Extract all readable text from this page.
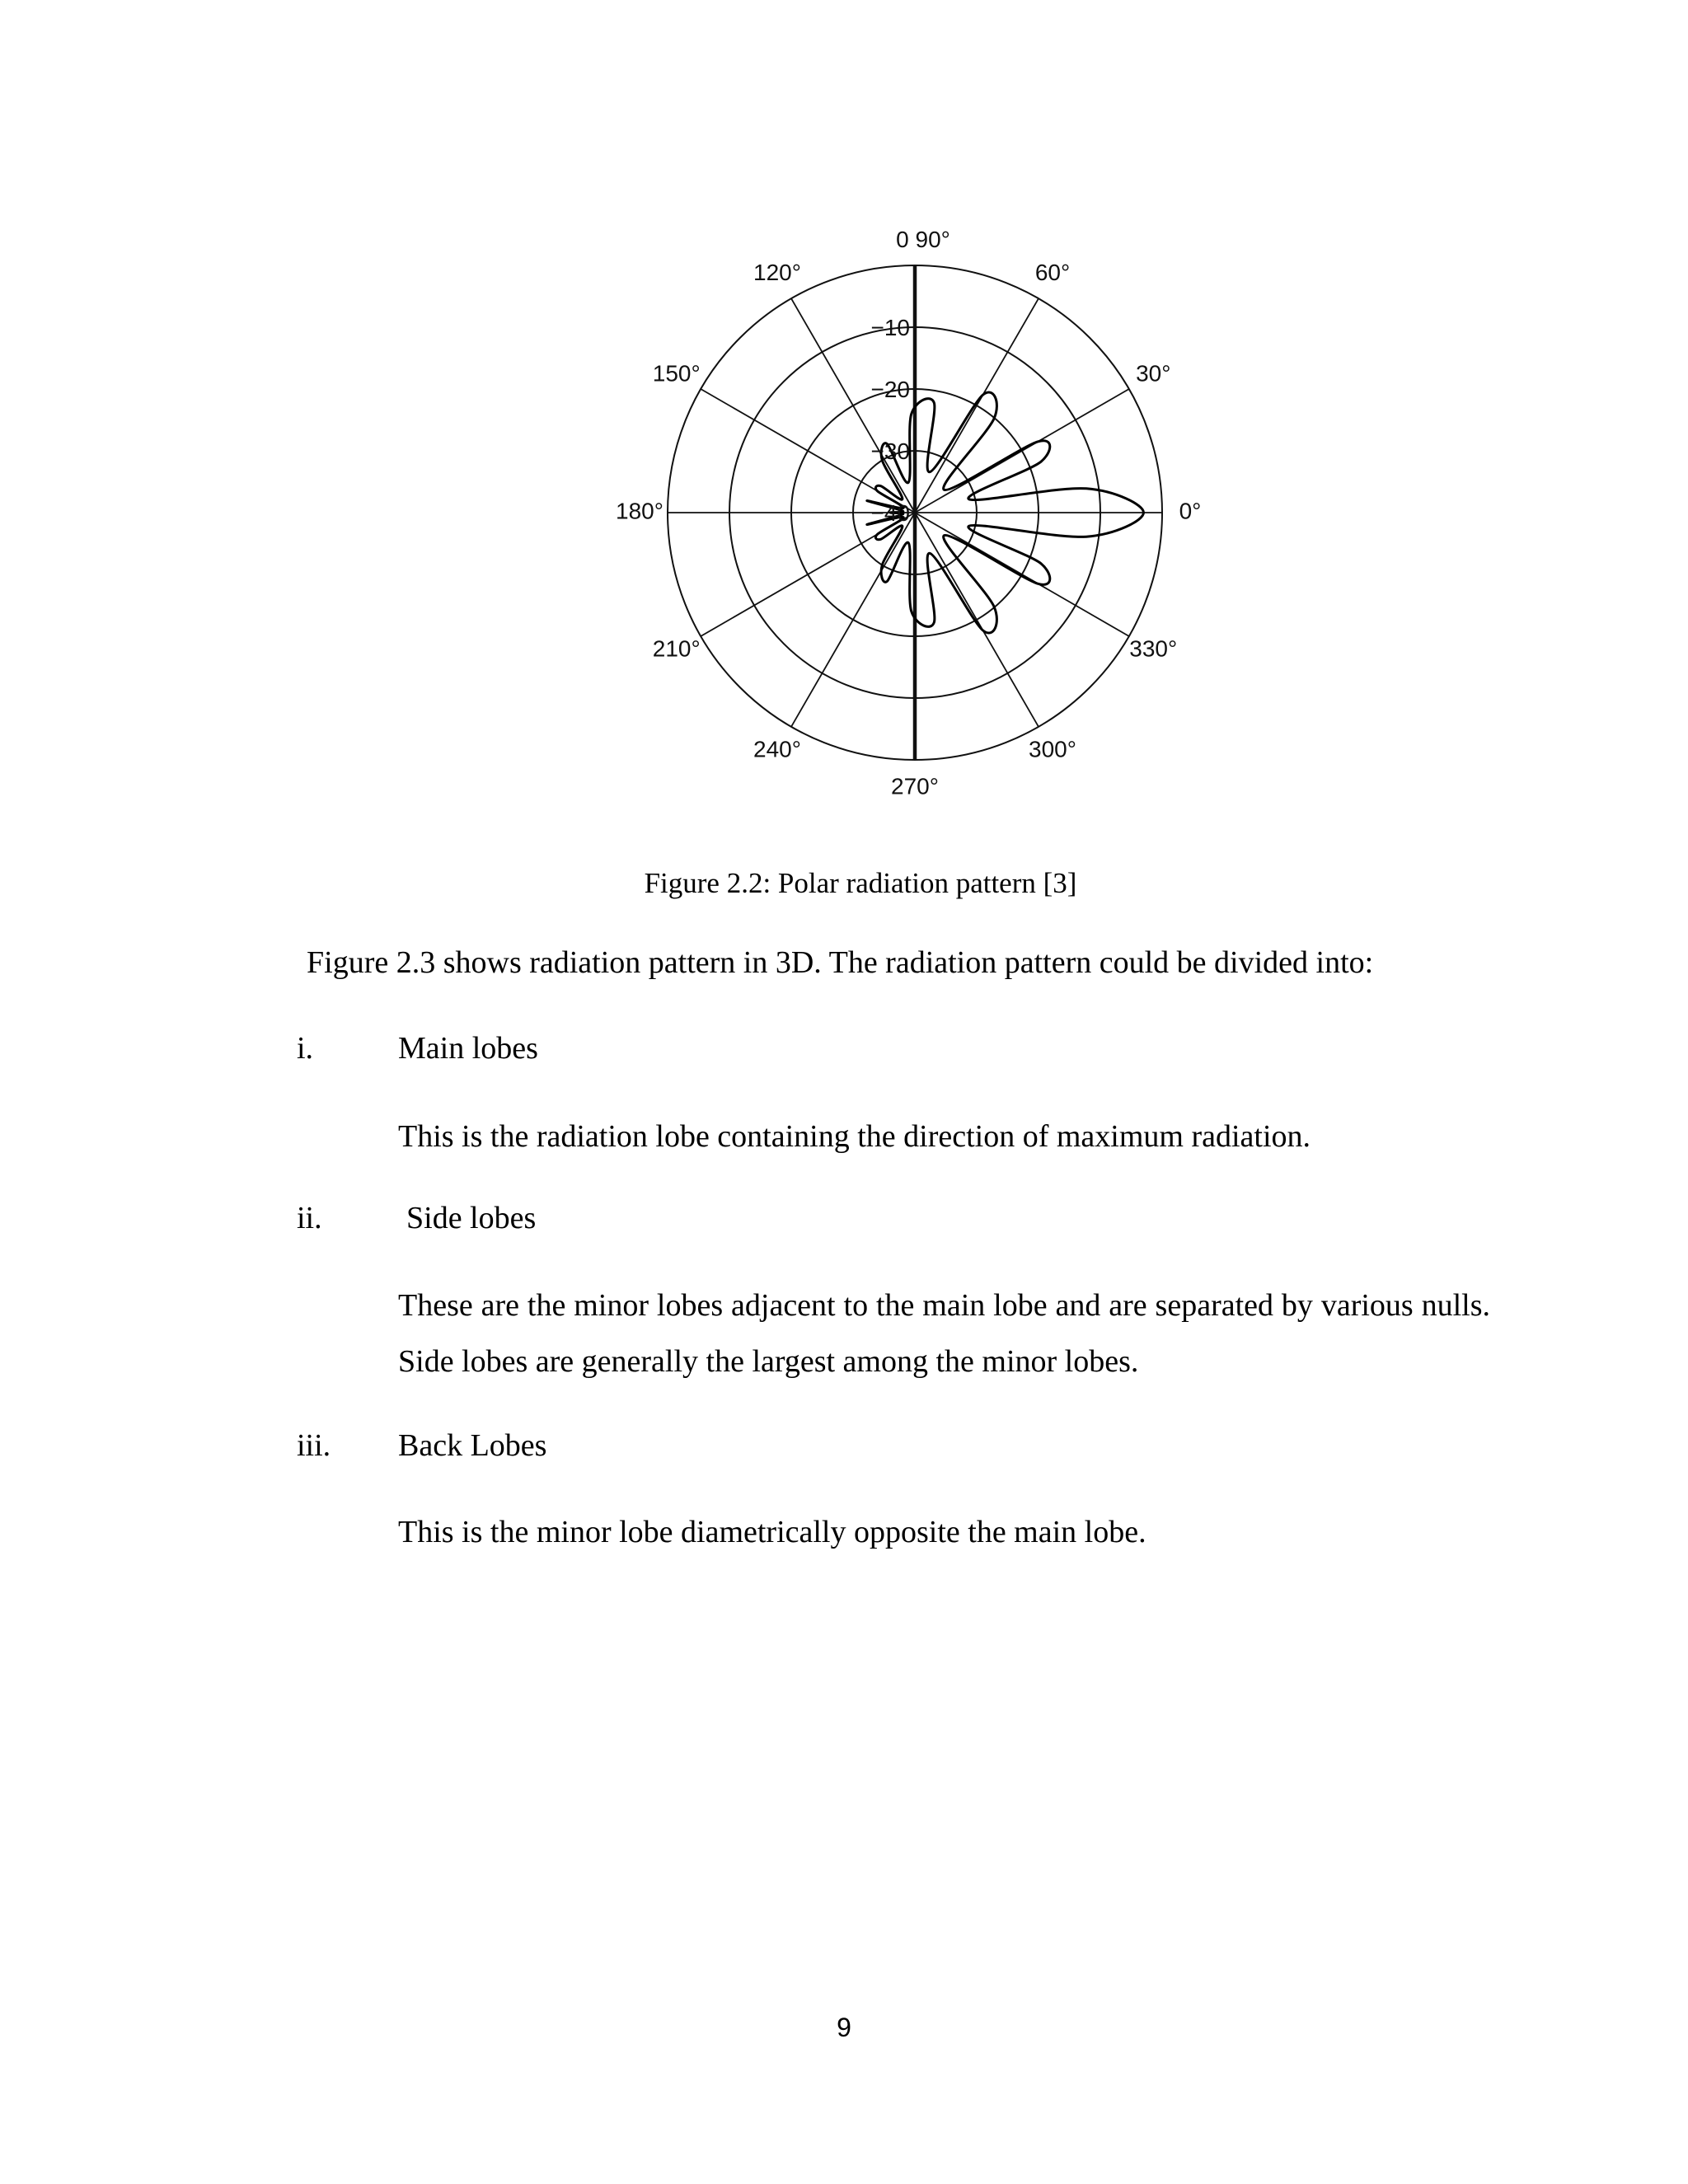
0°
30°
60°
120°
150°
180°
210°
240°
270°
300°
330°
0 90°
−10
−20
−30
−40
Figure 2.2: Polar radiation pattern [3]
Figure 2.3 shows radiation pattern in 3D. The radiation pattern could be divided into:
i.	Main lobes
This is the radiation lobe containing the direction of maximum radiation.
ii.	Side lobes
These are the minor lobes adjacent to the main lobe and are separated by various nulls. Side lobes are generally the largest among the minor lobes.
iii. Back Lobes
This is the minor lobe diametrically opposite the main lobe.
9
